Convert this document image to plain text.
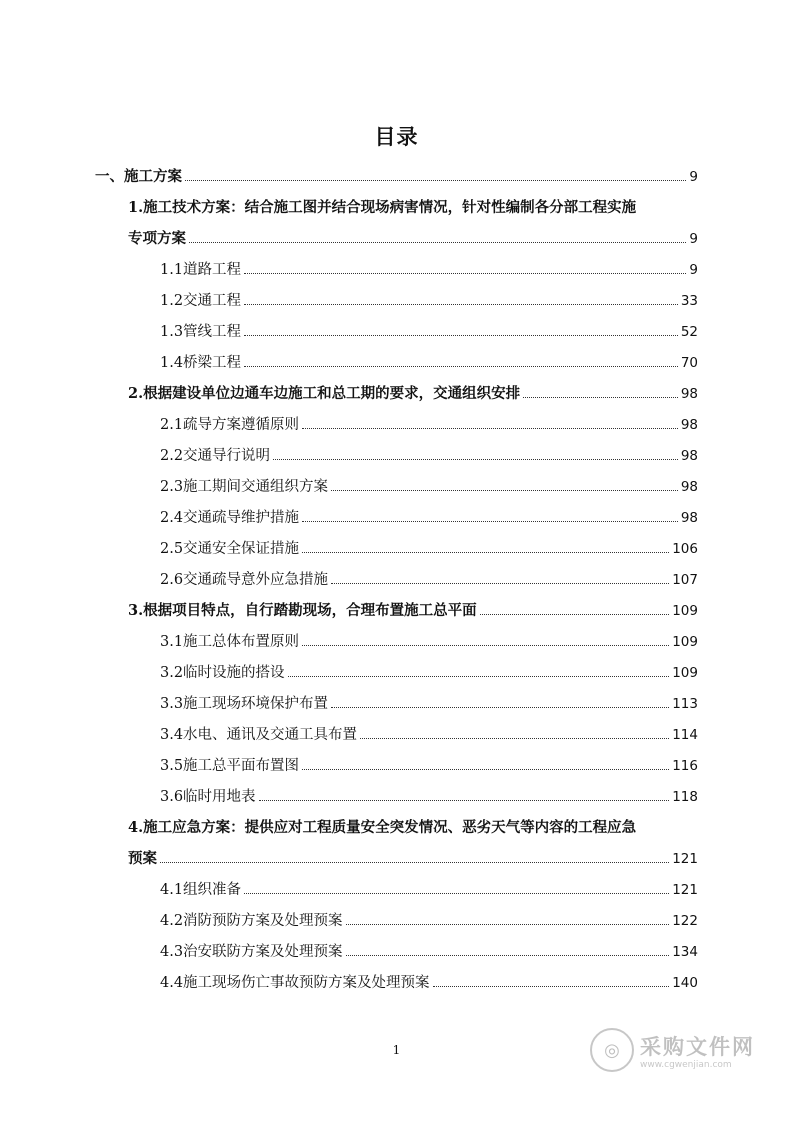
目录
一、施工方案	9
1.施工技术方案：结合施工图并结合现场病害情况，针对性编制各分部工程实施
专项方案	9
1.1道路工程	9
1.2交通工程	33
1.3管线工程	52
1.4桥梁工程	70
2.根据建设单位边通车边施工和总工期的要求，交通组织安排	98
2.1疏导方案遵循原则	98
2.2交通导行说明	98
2.3施工期间交通组织方案	98
2.4交通疏导维护措施	98
2.5交通安全保证措施	106
2.6交通疏导意外应急措施	107
3.根据项目特点，自行踏勘现场，合理布置施工总平面	109
3.1施工总体布置原则	109
3.2临时设施的搭设	109
3.3施工现场环境保护布置	113
3.4水电、通讯及交通工具布置	114
3.5施工总平面布置图	116
3.6临时用地表	118
4.施工应急方案：提供应对工程质量安全突发情况、恶劣天气等内容的工程应急
预案	121
4.1组织准备	121
4.2消防预防方案及处理预案	122
4.3治安联防方案及处理预案	134
4.4施工现场伤亡事故预防方案及处理预案	140
1	◎ 采购文件网
www.cgwenjian.com
